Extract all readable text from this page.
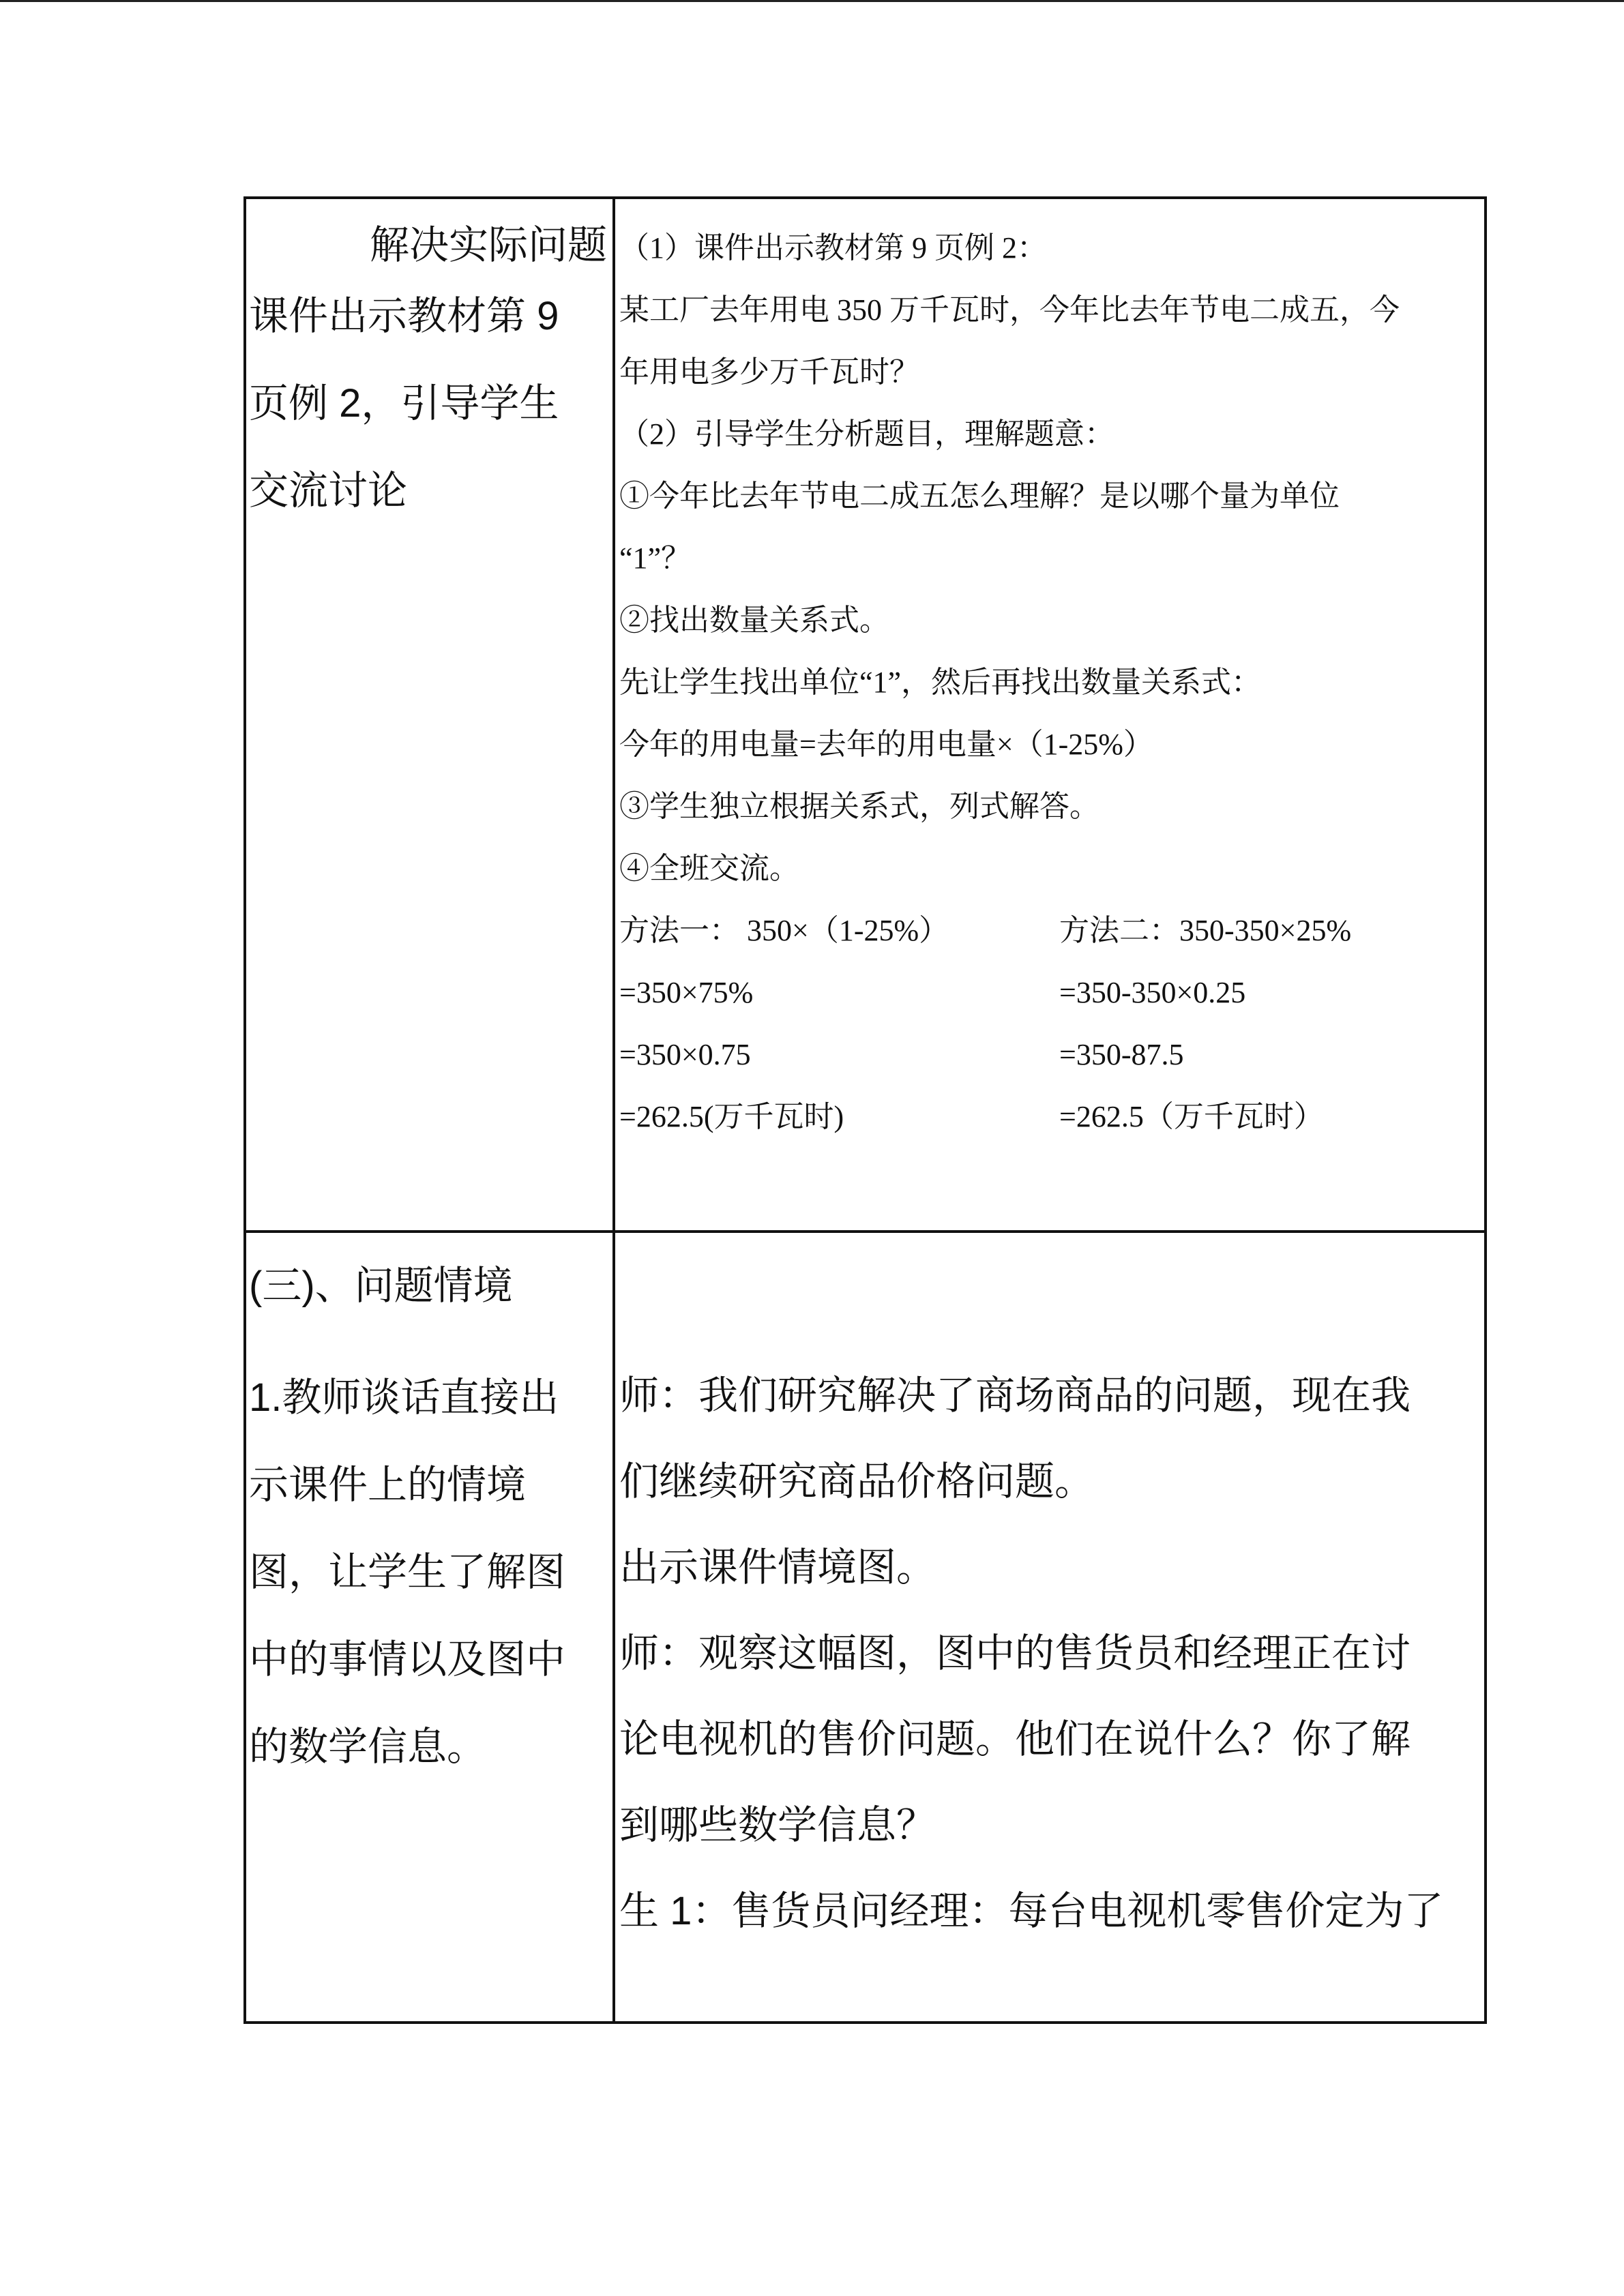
解决实际问题

课件出示教材第 9

页例 2，引导学生

交流讨论

（1）课件出示教材第 9 页例 2：

某工厂去年用电 350 万千瓦时，今年比去年节电二成五，今

年用电多少万千瓦时？

（2）引导学生分析题目，理解题意：

①今年比去年节电二成五怎么理解？是以哪个量为单位

“1”？

②找出数量关系式。

先让学生找出单位“1”，然后再找出数量关系式：

今年的用电量=去年的用电量×（1-25%）

③学生独立根据关系式，列式解答。

④全班交流。

方法一： 350×（1-25%）

=350×75%

=350×0.75

=262.5(万千瓦时)

方法二：350-350×25%

=350-350×0.25

=350-87.5

=262.5（万千瓦时）

(三)、问题情境

1.教师谈话直接出

示课件上的情境

图，让学生了解图

中的事情以及图中

的数学信息。

师：我们研究解决了商场商品的问题，现在我

们继续研究商品价格问题。

出示课件情境图。

师：观察这幅图，图中的售货员和经理正在讨

论电视机的售价问题。他们在说什么？你了解

到哪些数学信息？

生 1：售货员问经理：每台电视机零售价定为了
